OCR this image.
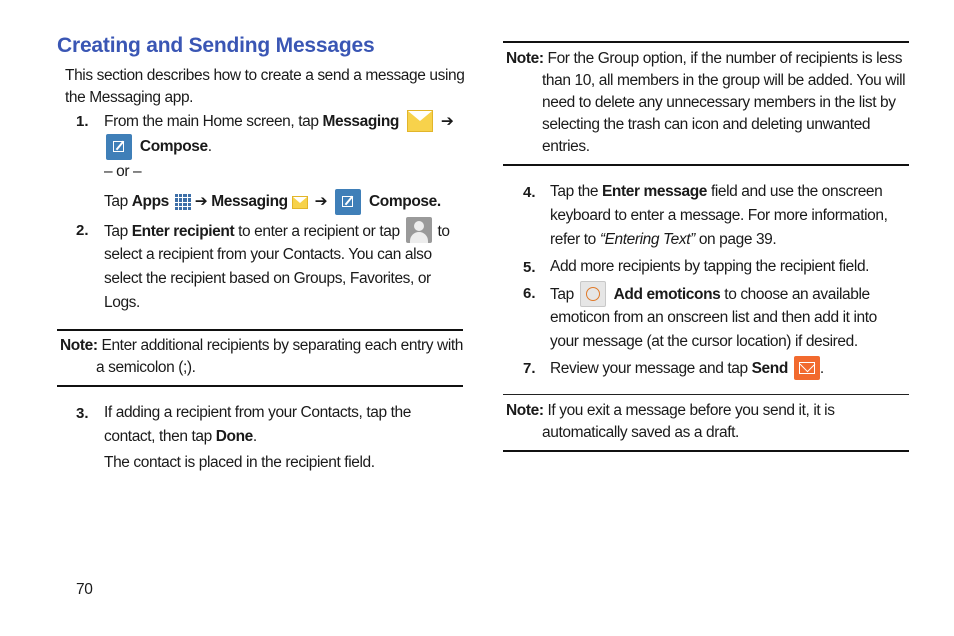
Creating and Sending Messages
This section describes how to create a send a message using
the Messaging app.
1. From the main Home screen, tap Messaging	➔
Compose.
– or –
Tap Apps ➔ Messaging ➔	Compose.
2. Tap Enter recipient to enter a recipient or tap  to
select a recipient from your Contacts. You can also
select the recipient based on Groups, Favorites, or
Logs.
Note: Enter additional recipients by separating each entry with
a semicolon (;).
3. If adding a recipient from your Contacts, tap the
contact, then tap Done.
The contact is placed in the recipient field.
Note: For the Group option, if the number of recipients is less
than 10, all members in the group will be added. You will
need to delete any unnecessary members in the list by
selecting the trash can icon and deleting unwanted
entries.
4. Tap the Enter message field and use the onscreen
keyboard to enter a message. For more information,
refer to “Entering Text” on page 39.
5. Add more recipients by tapping the recipient field.
6. Tap  Add emoticons to choose an available
emoticon from an onscreen list and then add it into
your message (at the cursor location) if desired.
7. Review your message and tap Send .
Note: If you exit a message before you send it, it is
automatically saved as a draft.
70
